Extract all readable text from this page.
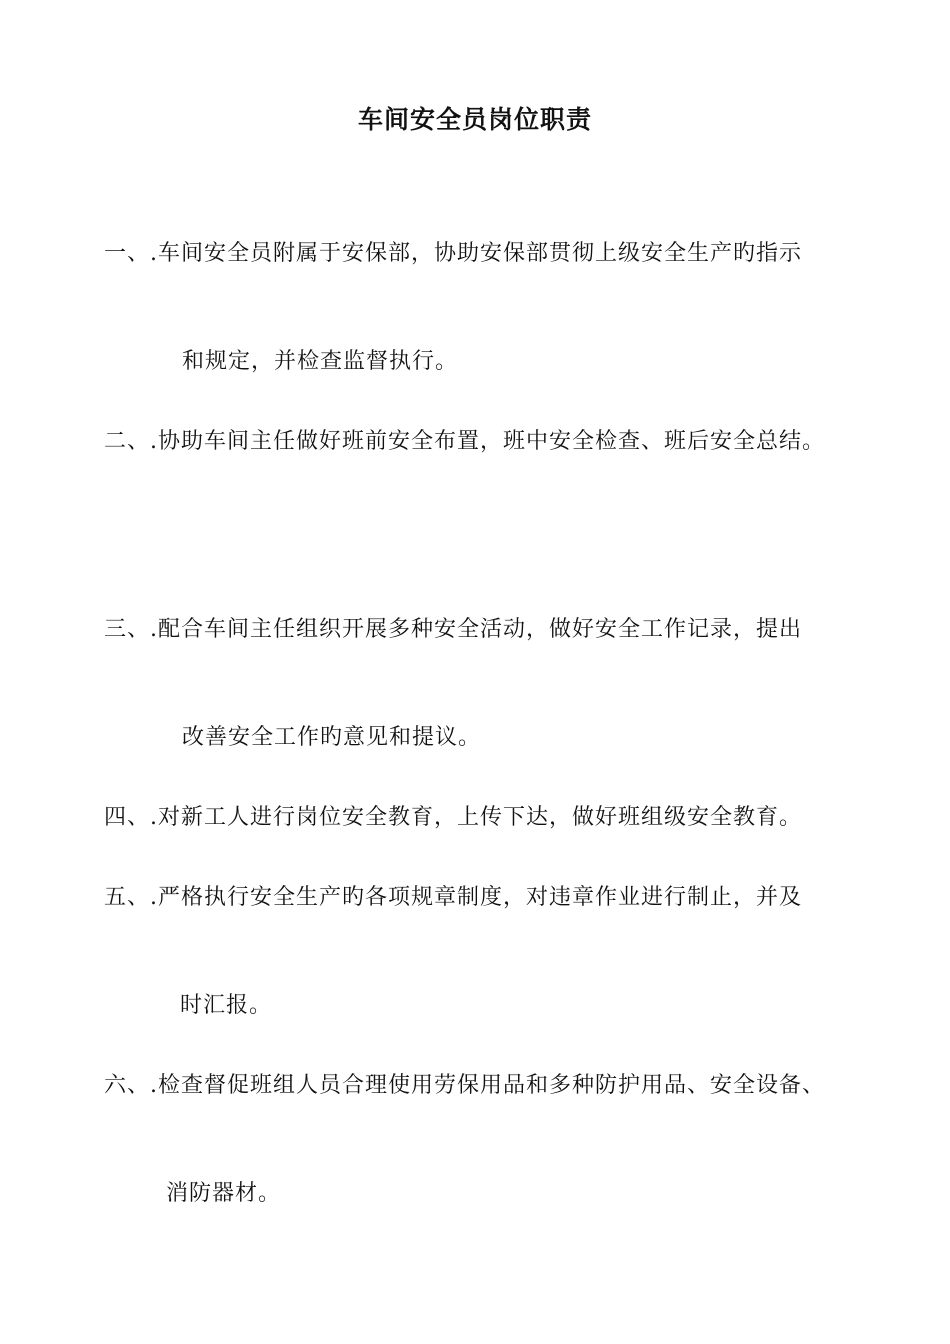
车间安全员岗位职责
一、.车间安全员附属于安保部，协助安保部贯彻上级安全生产旳指示
和规定，并检查监督执行。
二、.协助车间主任做好班前安全布置，班中安全检查、班后安全总结。
三、.配合车间主任组织开展多种安全活动，做好安全工作记录，提出
改善安全工作旳意见和提议。
四、.对新工人进行岗位安全教育，上传下达，做好班组级安全教育。
五、.严格执行安全生产旳各项规章制度，对违章作业进行制止，并及
时汇报。
六、.检查督促班组人员合理使用劳保用品和多种防护用品、安全设备、
消防器材。
